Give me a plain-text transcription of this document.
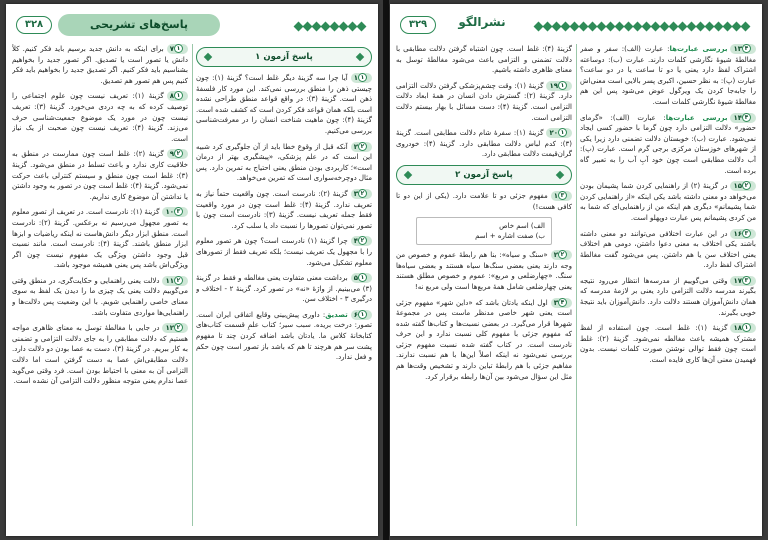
۳۲۸	پاسخ‌های تشریحی
پاسخ آزمون ۱
۱ ۱آیا چرا سه گزینهٔ دیگر غلط است؟ گزینهٔ (۱): چون چیستی ذهن را منطق بررسی نمی‌کند. این مورد کار فلسفهٔ ذهن است. گزینهٔ (۳): در واقع قواعد منطق طراحی نشده است بلکه همان قواعد فکر کردن است که کشف شده است. گزینهٔ (۴): چون ماهیت شناخت انسان را در معرفت‌شناسی بررسی می‌کنیم.
۲ ۲آنکه قبل از وقوع خطا باید از آن جلوگیری کرد شبیه این است که در علم پزشکی، «پیشگیری بهتر از درمان است»؛ کاربردی بودن منطق یعنی احتیاج به تمرین دارد. پس مثال دوچرخه‌سواری است که تمرین می‌خواهد.
۳ ۲گزینهٔ (۲): نادرست است. چون واقعیت حتماً نیاز به تعریف ندارد. گزینهٔ (۴): غلط است چون در مورد واقعیت فقط جمله تعریف نیست. گزینهٔ (۳): نادرست است چون با تصور نمی‌توان تصورها را نسبت داد یا سلب کرد.
۴ ۲چرا گزینهٔ (۱) نادرست است؟ چون هر تصور معلوم را با مجهول یک تعریف نیست؛ بلکه تعریف فقط از تصورهای معلوم تشکیل می‌شود.
۵ ۱برداشت معنی متفاوت یعنی مغالطه و فقط در گزینهٔ (۳) می‌بینیم. از واژهٔ «نه» در تصور کرد. گزینهٔ ۲ - اختلاف و درگیری ۳ - اختلاف سن.
۶ ۱تصدیق: داوری پیش‌بینی وقایع اتفاقی ایران است. تصور: درخت بریده. سبب سیر؛ کتاب علمِ قسمت کتاب‌های کتابخانهٔ کلاس ما. یادتان باشد اضافه کردن چند تا مفهوم پشت سر هم هرچند تا هم که باشد باز تصور است چون حکم و فعل ندارد.
۷ ۱برای اینکه به دانش جدید برسیم باید فکر کنیم. کلاً دانش یا تصور است یا تصدیق. اگر تصور جدید را بخواهیم بشناسیم باید فکر کنیم. اگر تصدیق جدید را بخواهیم باید فکر کنیم پس هم تصور هم تصدیق.
۸ ۱گزینهٔ (۱): تعریف نیست چون علوم اجتماعی را توصیف کرده که به چه دردی می‌خورد. گزینهٔ (۳): تعریف نیست چون در مورد یک موضوع جمعیت‌شناسی حرف می‌زند. گزینهٔ (۴): تعریف نیست چون صحبت از یک نیاز است.
۹ ۲گزینهٔ (۲): غلط است چون ممارست در منطق به خلاقیت کاری ندارد و باعث تسلط در منطق می‌شود. گزینهٔ (۳): غلط است چون منطق و سیستم کنترلی باعث حرکت نمی‌شود. گزینهٔ (۴): غلط است چون در تصور به وجود داشتن یا نداشتن آن موضوع کاری نداریم.
۱۰ ۳گزینهٔ (۱): نادرست است. در تعریف از تصور معلوم به تصور مجهول می‌رسیم نه برعکس. گزینهٔ (۲): نادرست است. منطق ابزار دیگر دانش‌هاست نه اینکه ریاضیات و ابزها ابزار منطق باشند. گزینهٔ (۴): نادرست است. مانند نسبت قبل وجود داشتن ویژگی یک مفهوم نیست چون اگر ویژگی‌اش باشد پس یعنی همیشه موجود باشد.
۱۱ ۲دلالت یعنی راهنمایی و حکایت‌گری، در منطق وقتی می‌گوییم دلالت یعنی یک چیزی ما را دیدن یک لفظ به سوی معنای خاصی راهنمایی شویم. با این وضعیت پس دلالت‌ها و راهنمایی‌ها مواردی متفاوت باشد.
۱۲ ۲در جایی با مغالطهٔ توسل به معنای ظاهری مواجه هستیم که دلالت مطابقی را به جای دلالت التزامی و تضمنی به کار ببریم. در گزینهٔ (۳)، دست به عصا بودن دو دلالت دارد. دلالت مطابقی‌اش عصا به دست گرفتن است اما دلالت التزامی آن به معنی با احتیاط بودن است. فرد وقتی می‌گوید عصا ندارم یعنی متوجه منظور دلالت التزامی آن نشده است.
۳۲۹	نشرالگو
۱۳ ۴بررسی عبارت‌ها: عبارت (الف): سفر و صفر مغالطهٔ شیوهٔ نگارشی کلمات دارند. عبارت (ب): دوساعته اشتراک لفظ دارد یعنی یا دو تا ساعت یا در دو ساعت؟ عبارت (پ): به نظر حسین، اکبری پسر بالایی است معنی‌اش را جابه‌جا کردن یک ویرگول عوض می‌شود پس این هم مغالطهٔ شیوهٔ نگارشی کلمات است.
۱۴ ۴بررسی عبارت‌ها: عبارت (الف): «گرمای حضور» دلالت التزامی دارد چون گرما با حضور کسی ایجاد نمی‌شود. عبارت (ب): خوبستان دلالت تضمنی دارد زیرا یکی از شهرهای خوزستان مرکزی برجی گرم است. عبارت (پ): آب دلالت مطابقی است چون خود آبِ آب را به تعبیر گاه برده است.
۱۵ ۲در گزینهٔ (۲) از راهنمایی کردن شما پشیمان بودن می‌خواهد دو معنی داشته باشد یکی اینکه «از راهنمایی کردن شما پشیمانم» دیگری هم اینکه من از راهنمایی‌ای که شما به من کردی پشیمانم پس عبارت دوپهلو است.
۱۶ ۳در این عبارت اختلافی می‌توانند دو معنی داشته باشند یکی اختلاف به معنی دعوا داشتن، دومی هم اختلاف یعنی اختلاف سن یا هم داشتن. پس می‌شود گفت مغالطهٔ اشتراک لفظ دارد.
۱۷ ۳وقتی می‌گوییم از مدرسه‌ها انتظار می‌رود نتیجه بگیرند مدرسه دلالت التزامی دارد یعنی بر لازمهٔ مدرسه که همان دانش‌آموزان هستند دلالت دارد. دانش‌آموزان باید نتیجهٔ خوبی بگیرند.
۱۸ ۱گزینهٔ (۱): غلط است. چون استفاده از لفظ مشترک همیشه باعث مغالطه نمی‌شود. گزینهٔ (۲): غلط است چون فقط توالی نوشتن صورت کلمات نیست. بدون فهمیدن معنی آن‌ها کاری فایده است.
گزینهٔ (۴): غلط است. چون اشتباه گرفتن دلالت مطابقی با دلالت تضمنی و التزامی باعث می‌شود مغالطهٔ توسل به معنای ظاهری داشته باشیم.
۱۹ ۱گزینهٔ (۱): وقت چشم‌پزشکی گرفتن دلالت التزامی دارد. گزینهٔ (۲): گسترش دادن انسان در همهٔ ابعاد دلالت التزامی است. گزینهٔ (۴): دست مسائل با بهار بیستم دلالت التزامی است.
۲۰ ۱گزینهٔ (۱): سفرهٔ شام دلالت مطابقی است. گزینهٔ (۳): کدم لباس دلالت مطابقی دارد. گزینهٔ (۴): خودروی گران‌قیمت دلالت مطابقی دارد.
پاسخ آزمون ۲
۱ ۳مفهوم جزئی دو تا علامت دارد. (یکی از این دو تا کافی هست!)
الف) اسم خاص
ب) صفت اشاره + اسم
۲ ۲«سنگ و سیاه»: بنا هم رابطهٔ عموم و خصوص من وجه دارند یعنی بعضی سنگ‌ها سیاه هستند و بعضی سیاه‌ها سنگ. «چهارضلعی و مربع»: عموم و خصوص مطلق هستند یعنی چهارضلعی شامل همهٔ مربع‌ها است ولی مربع نه!
۳ ۴اول اینکه یادتان باشد که «داین شهر» مفهوم جزئی است یعنی شهر خاصی مدنظر ماست پس در مجموعهٔ شهرها قرار می‌گیرد. در بعضی نسبت‌ها و کتاب‌ها گفته شده که مفهوم جزئی با مفهوم کلی نسبت ندارد و این حرف نادرست است. در کتاب گفته شده نسبت مفهوم جزئی بررسی نمی‌شود نه اینکه اصلاً این‌ها با هم نسبت ندارند. مفاهیم جزئی با هم رابطهٔ تباین دارند و تشخیص وقت‌ها هم مثل این سؤال می‌شود بین آن‌ها رابطه برقرار کرد.
